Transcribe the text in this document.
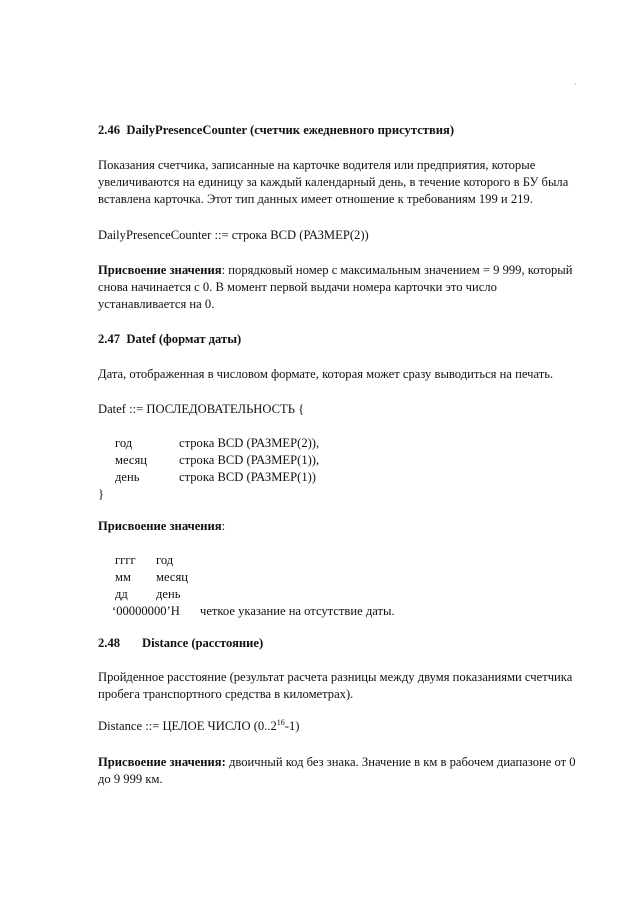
·
2.46 DailyPresenceCounter (счетчик ежедневного присутствия)

Показания счетчика, записанные на карточке водителя или предприятия, которые

увеличиваются на единицу за каждый календарный день, в течение которого в БУ была

вставлена карточка. Этот тип данных имеет отношение к требованиям 199 и 219.

DailyPresenceCounter ::= строка BCD (РАЗМЕР(2))

Присвоение значения: порядковый номер с максимальным значением = 9 999, который

снова начинается с 0. В момент первой выдачи номера карточки это число

устанавливается на 0.

2.47 Datef (формат даты)
Дата, отображенная в числовом формате, которая может сразу выводиться на печать.
Datef ::= ПОСЛЕДОВАТЕЛЬНОСТЬ {
год	строка BCD (РАЗМЕР(2)),
месяц	строка BCD (РАЗМЕР(1)),
день	строка BCD (РАЗМЕР(1))
}
Присвоение значения:
гггг год
мм месяц
дд день
‘00000000’H четкое указание на отсутствие даты.
2.48 Distance (расстояние)

Пройденное расстояние (результат расчета разницы между двумя показаниями счетчика

пробега транспортного средства в километрах).

Distance ::= ЦЕЛОЕ ЧИСЛО (0..2$^{16}$-1)

Присвоение значения: двоичный код без знака. Значение в км в рабочем диапазоне от 0

до 9 999 км.
